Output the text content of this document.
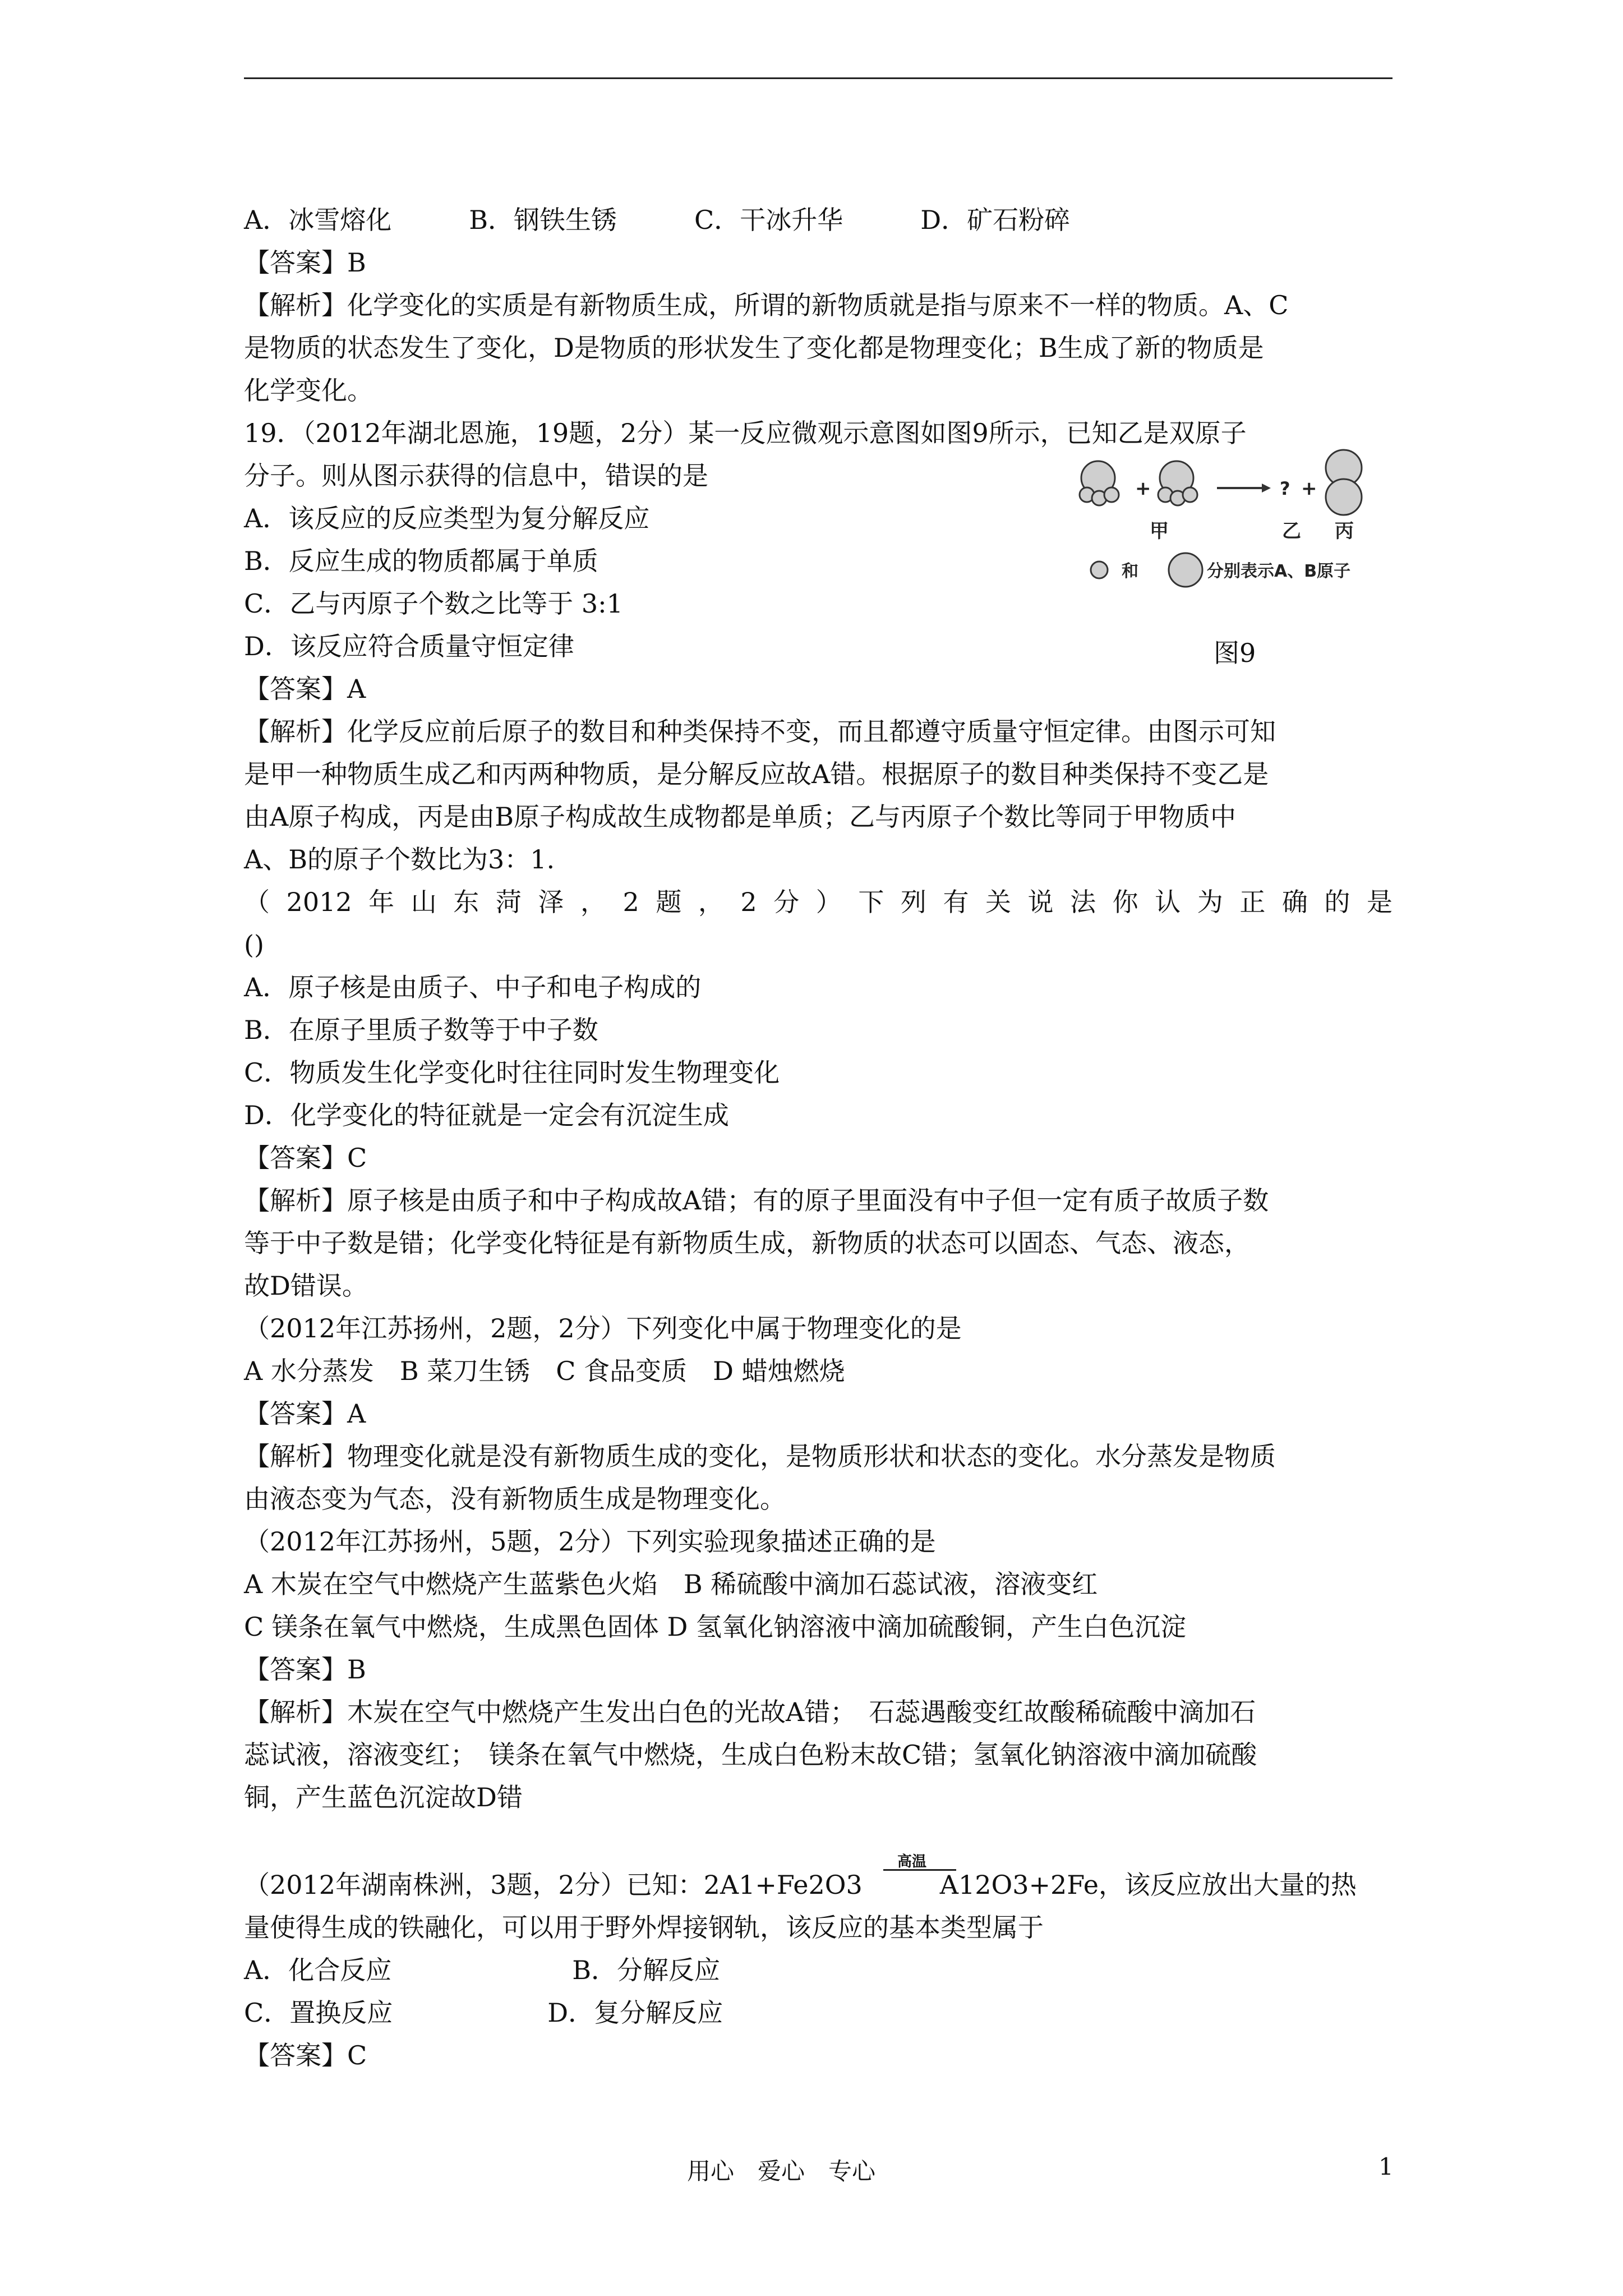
A．冰雪熔化　　　B．钢铁生锈　　　C．干冰升华　　　D．矿石粉碎
【答案】B
【解析】化学变化的实质是有新物质生成，所谓的新物质就是指与原来不一样的物质。A、C
是物质的状态发生了变化，D是物质的形状发生了变化都是物理变化；B生成了新的物质是
化学变化。
19．（2012年湖北恩施，19题，2分）某一反应微观示意图如图9所示，已知乙是双原子
分子。则从图示获得的信息中，错误的是
A．该反应的反应类型为复分解反应
B．反应生成的物质都属于单质
C．乙与丙原子个数之比等于 3:1
D．该反应符合质量守恒定律
【答案】A
【解析】化学反应前后原子的数目和种类保持不变，而且都遵守质量守恒定律。由图示可知
是甲一种物质生成乙和丙两种物质，是分解反应故A错。根据原子的数目种类保持不变乙是
由A原子构成，丙是由B原子构成故生成物都是单质；乙与丙原子个数比等同于甲物质中
A、B的原子个数比为3：1.
（2012年山东菏泽，2题，2分）下列有关说法你认为正确的是
()
A．原子核是由质子、中子和电子构成的
B．在原子里质子数等于中子数
C．物质发生化学变化时往往同时发生物理变化
D．化学变化的特征就是一定会有沉淀生成
【答案】C
【解析】原子核是由质子和中子构成故A错；有的原子里面没有中子但一定有质子故质子数
等于中子数是错；化学变化特征是有新物质生成，新物质的状态可以固态、气态、液态，
故D错误。
（2012年江苏扬州，2题，2分）下列变化中属于物理变化的是
A 水分蒸发　B 菜刀生锈　C 食品变质　D 蜡烛燃烧
【答案】A
【解析】物理变化就是没有新物质生成的变化，是物质形状和状态的变化。水分蒸发是物质
由液态变为气态，没有新物质生成是物理变化。
（2012年江苏扬州，5题，2分）下列实验现象描述正确的是
A 木炭在空气中燃烧产生蓝紫色火焰　B 稀硫酸中滴加石蕊试液，溶液变红
C 镁条在氧气中燃烧，生成黑色固体 D 氢氧化钠溶液中滴加硫酸铜，产生白色沉淀
【答案】B
【解析】木炭在空气中燃烧产生发出白色的光故A错；　石蕊遇酸变红故酸稀硫酸中滴加石
蕊试液，溶液变红；　镁条在氧气中燃烧，生成白色粉末故C错；氢氧化钠溶液中滴加硫酸
铜，产生蓝色沉淀故D错
（2012年湖南株洲，3题，2分）已知：2A1+Fe2O3　　　A12O3+2Fe，该反应放出大量的热
高温
量使得生成的铁融化，可以用于野外焊接钢轨，该反应的基本类型属于
A．化合反应　　　　　　　B．分解反应
C．置换反应　　　　　　D．复分解反应
【答案】C
+	? +
甲	乙 丙
和	分别表示A、B原子
图9
用心　爱心　专心	1
